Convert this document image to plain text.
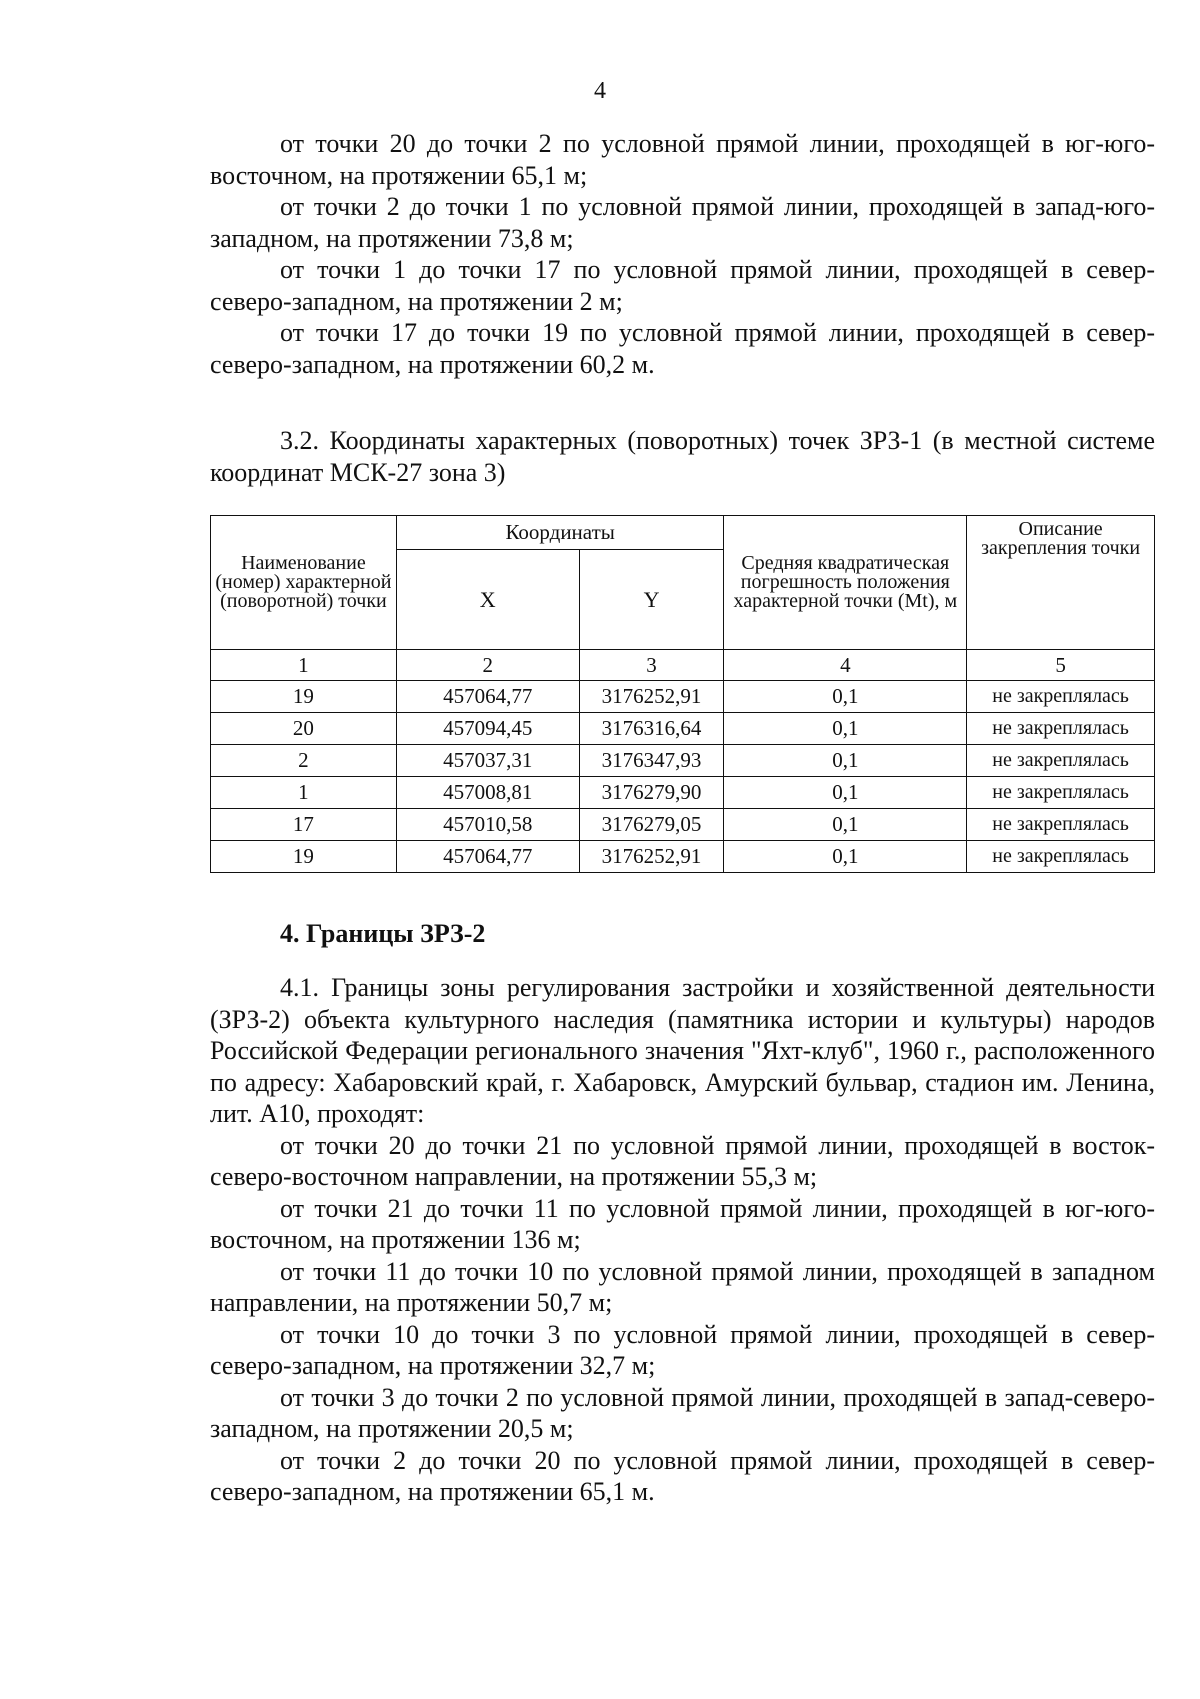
4

от точки 20 до точки 2 по условной прямой линии, проходящей в юг-юго-восточном, на протяжении 65,1 м;

от точки 2 до точки 1 по условной прямой линии, проходящей в запад-юго-западном, на протяжении 73,8 м;

от точки 1 до точки 17 по условной прямой линии, проходящей в север-северо-западном, на протяжении 2 м;

от точки 17 до точки 19 по условной прямой линии, проходящей в север-северо-западном, на протяжении 60,2 м.

3.2. Координаты характерных (поворотных) точек ЗРЗ-1 (в местной системе координат МСК-27 зона 3)

Наименование (номер) характерной (поворотной) точки	Координаты		Средняя квадратическая погрешность положения характерной точки (Mt), м	Описание закрепления точки
	X	Y		
1	2	3	4	5
19	457064,77	3176252,91	0,1	не закреплялась
20	457094,45	3176316,64	0,1	не закреплялась
2	457037,31	3176347,93	0,1	не закреплялась
1	457008,81	3176279,90	0,1	не закреплялась
17	457010,58	3176279,05	0,1	не закреплялась
19	457064,77	3176252,91	0,1	не закреплялась

4. Границы ЗРЗ-2

4.1. Границы зоны регулирования застройки и хозяйственной деятельности (ЗРЗ-2) объекта культурного наследия (памятника истории и культуры) народов Российской Федерации регионального значения "Яхт-клуб", 1960 г., расположенного по адресу: Хабаровский край, г. Хабаровск, Амурский бульвар, стадион им. Ленина, лит. А10, проходят:

от точки 20 до точки 21 по условной прямой линии, проходящей в восток-северо-восточном направлении, на протяжении 55,3 м;

от точки 21 до точки 11 по условной прямой линии, проходящей в юг-юго-восточном, на протяжении 136 м;

от точки 11 до точки 10 по условной прямой линии, проходящей в западном направлении, на протяжении 50,7 м;

от точки 10 до точки 3 по условной прямой линии, проходящей в север-северо-западном, на протяжении 32,7 м;

от точки 3 до точки 2 по условной прямой линии, проходящей в запад-северо-западном, на протяжении 20,5 м;

от точки 2 до точки 20 по условной прямой линии, проходящей в север-северо-западном, на протяжении 65,1 м.
